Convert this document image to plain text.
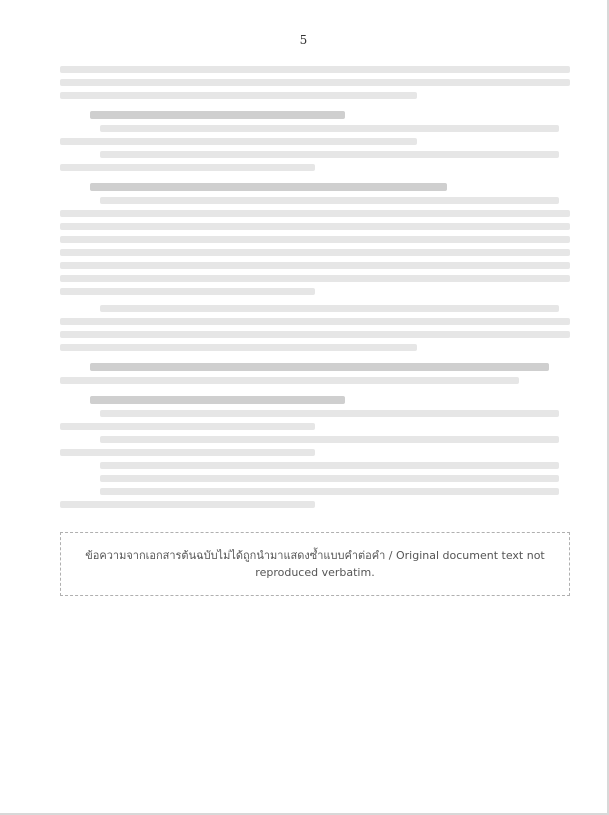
5
ข้อความจากเอกสารต้นฉบับไม่ได้ถูกนำมาแสดงซ้ำแบบคำต่อคำ / Original document text not reproduced verbatim.
